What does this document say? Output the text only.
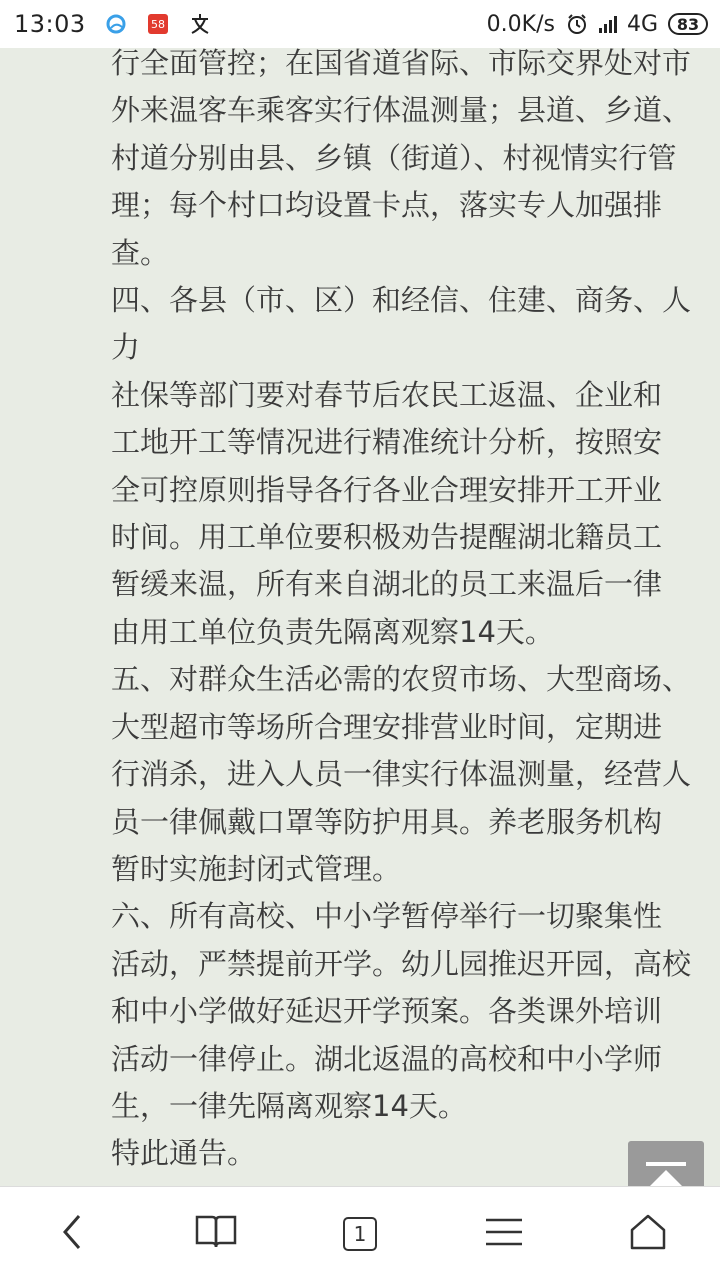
13:03	58	0.0K/s	4G 83

行全面管控；在国省道省际、市际交界处对市

外来温客车乘客实行体温测量；县道、乡道、

村道分别由县、乡镇（街道）、村视情实行管

理；每个村口均设置卡点，落实专人加强排

查。

四、各县（市、区）和经信、住建、商务、人力

社保等部门要对春节后农民工返温、企业和

工地开工等情况进行精准统计分析，按照安

全可控原则指导各行各业合理安排开工开业

时间。用工单位要积极劝告提醒湖北籍员工

暂缓来温，所有来自湖北的员工来温后一律

由用工单位负责先隔离观察14天。

五、对群众生活必需的农贸市场、大型商场、

大型超市等场所合理安排营业时间，定期进

行消杀，进入人员一律实行体温测量，经营人

员一律佩戴口罩等防护用具。养老服务机构

暂时实施封闭式管理。

六、所有高校、中小学暂停举行一切聚集性

活动，严禁提前开学。幼儿园推迟开园，高校

和中小学做好延迟开学预案。各类课外培训

活动一律停止。湖北返温的高校和中小学师

生，一律先隔离观察14天。

特此通告。

1
